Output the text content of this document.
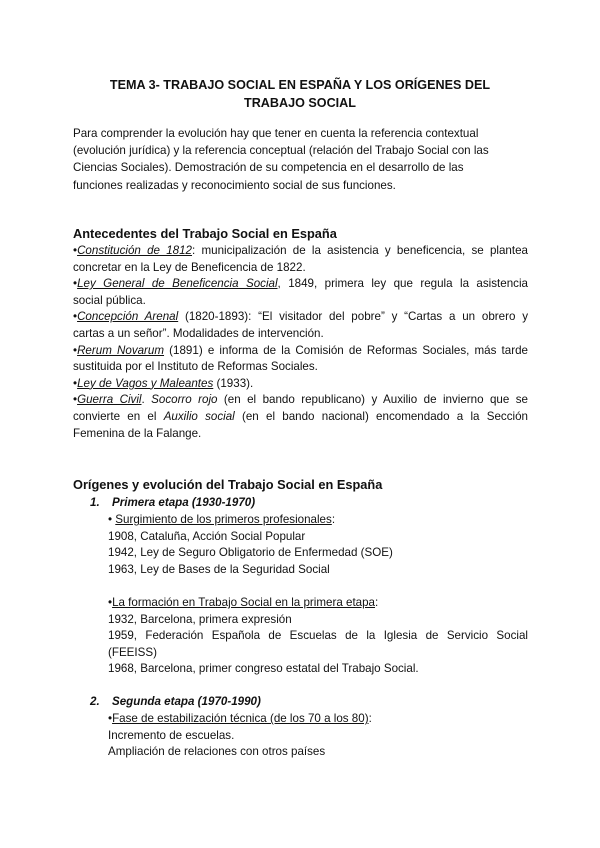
TEMA 3- TRABAJO SOCIAL EN ESPAÑA Y LOS ORÍGENES DEL
TRABAJO SOCIAL
Para comprender la evolución hay que tener en cuenta la referencia contextual
(evolución jurídica) y la referencia conceptual (relación del Trabajo Social con las
Ciencias Sociales). Demostración de su competencia en el desarrollo de las
funciones realizadas y reconocimiento social de sus funciones.
Antecedentes del Trabajo Social en España
•Constitución de 1812: municipalización de la asistencia y beneficencia, se plantea
concretar en la Ley de Beneficencia de 1822.
•Ley General de Beneficencia Social, 1849, primera ley que regula la asistencia
social pública.
•Concepción Arenal (1820-1893): “El visitador del pobre” y “Cartas a un obrero y
cartas a un señor”. Modalidades de intervención.
•Rerum Novarum (1891) e informa de la Comisión de Reformas Sociales, más tarde
sustituida por el Instituto de Reformas Sociales.
•Ley de Vagos y Maleantes (1933).
•Guerra Civil. Socorro rojo (en el bando republicano) y Auxilio de invierno que se
convierte en el Auxilio social (en el bando nacional) encomendado a la Sección
Femenina de la Falange.
Orígenes y evolución del Trabajo Social en España
1. Primera etapa (1930-1970)
• Surgimiento de los primeros profesionales:
1908, Cataluña, Acción Social Popular
1942, Ley de Seguro Obligatorio de Enfermedad (SOE)
1963, Ley de Bases de la Seguridad Social
•La formación en Trabajo Social en la primera etapa:
1932, Barcelona, primera expresión
1959, Federación Española de Escuelas de la Iglesia de Servicio Social
(FEEISS)
1968, Barcelona, primer congreso estatal del Trabajo Social.
2. Segunda etapa (1970-1990)
•Fase de estabilización técnica (de los 70 a los 80):
Incremento de escuelas.
Ampliación de relaciones con otros países
